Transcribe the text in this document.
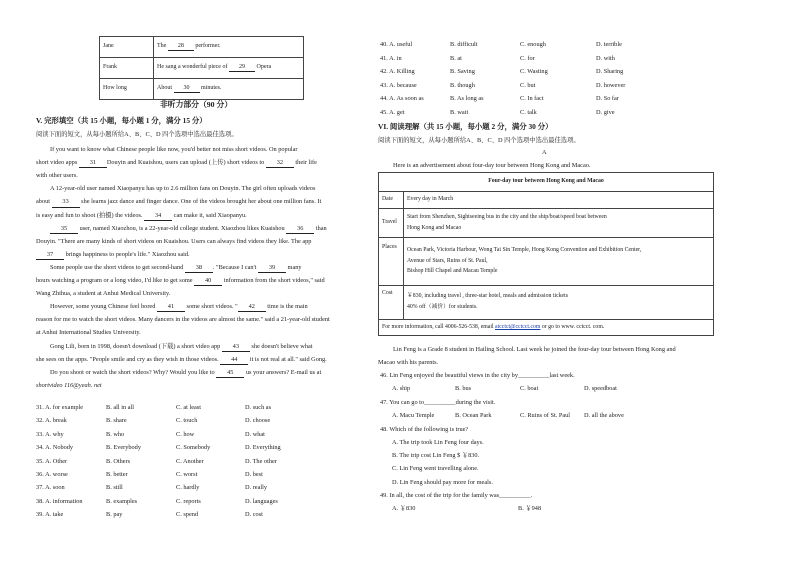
Jane	The 28 performer.
Frank	He sang a wonderful piece of 29 Opera
How long	About 30 minutes.
非听力部分（90 分）
V. 完形填空（共 15 小题，每小题 1 分，满分 15 分）
阅读下面的短文，从每小题所给A、B、C、D 四个选项中选出最佳选项。
If you want to know what Chinese people like now, you'd better not miss short videos. On popular
short video apps 31 Douyin and Kuaishou, users can upload (上传) short videos to 32 their life
with other users.
A 12-year-old user named Xiaopanyu has up to 2.6 million fans on Douyin. The girl often uploads videos
about 33 she learns jazz dance and finger dance. One of the videos brought her about one million fans. It
is easy and fun to shoot (拍摄) the videos. 34 can make it, said Xiaopanyu.
35 user, named Xiaozhou, is a 22-year-old college student. Xiaozhou likes Kuaishou 36 than
Douyin. "There are many kinds of short videos on Kuaishou. Users can always find videos they like. The app
37 brings happiness to people's life." Xiaozhou said.
Some people use the short videos to get second-hand 38 . "Because I can't 39 many
hours watching a program or a long video, I'd like to get some 40 information from the short videos," said
Wang Zhihua, a student at Anhui Medical University.
However, some young Chinese feel bored 41 some short videos. " 42 time is the main
reason for me to watch the short videos. Many dancers in the videos are almost the same." said a 21-year-old student
at Anhui International Studies University.
Gong Lili, born in 1998, doesn't download (下载) a short video app 43 she doesn't believe what
she sees on the apps. "People smile and cry as they wish in those videos. 44 it is not real at all." said Gong.
Do you shoot or watch the short videos? Why? Would you like to 45 us your answers? E-mail us at
shortvideo 116@yeah. net
31. A. for example	B. all in all	C. at least	D. such as
32. A. break	B. share	C. touch	D. choose
33. A. why	B. who	C. how	D. what
34. A. Nobody	B. Everybody	C. Somebody	D. Everything
35. A. Other	B. Others	C. Another	D. The other
36. A. worse	B. better	C. worst	D. best
37. A. soon	B. still	C. hardly	D. really
38. A. information	B. examples	C. reports	D. languages
39. A. take	B. pay	C. spend	D. cost
40. A. useful	B. difficult	C. enough	D. terrible
41. A. in	B. at	C. for	D. with
42. A. Killing	B. Saving	C. Wasting	D. Sharing
43. A. because	B. though	C. but	D. however
44. A. As soon as	B. As long as	C. In fact	D. So far
45. A. get	B. wait	C. talk	D. give
VI. 阅读理解（共 15 小题，每小题 2 分，满分 30 分）
阅读下面的短文，从每小题所给A、B、C、D 四个选项中选出最佳选项。
A
Here is an advertisement about four-day tour between Hong Kong and Macao.
Four-day tour between Hong Kong and Macao	
Date	Every day in March
Travel	Start from Shenzhen, Sightseeing bus in the city and the ship/boat/speed boat between
Hong Kong and Macao

Places	Ocean Park, Victoria Harbour, Wong Tai Sin Temple, Hong Kong Convention and Exhibition Center,
Avenue of Stars, Ruins of St. Paul,
Bishop Hill Chapel and Macau Temple

Cost	￥830, including travel , three-star hotel, meals and admission tickets
40% off（减价）for students.

For more information, call 4006-526-538, email atcctct@cctcct.com or go to www. cctcct. com.	
Lin Feng is a Grade 8 student in Hailing School. Last week he joined the four-day tour between Hong Kong and
Macao with his parents.
46. Lin Feng enjoyed the beautiful views in the city by__________last week.
A. ship	B. bus	C. boat	D. speedboat
47. You can go to__________during the visit.
A. Macu Temple	B. Ocean Park	C. Ruins of St. Paul D. all the above
48. Which of the following is true?
A. The trip took Lin Feng four days.
B. The trip cost Lin Feng $ ￥830.
C. Lin Feng went travelling alone.
D. Lin Feng should pay more for meals.
49. In all, the cost of the trip for the family was__________.
A. ￥830	B. ￥948
